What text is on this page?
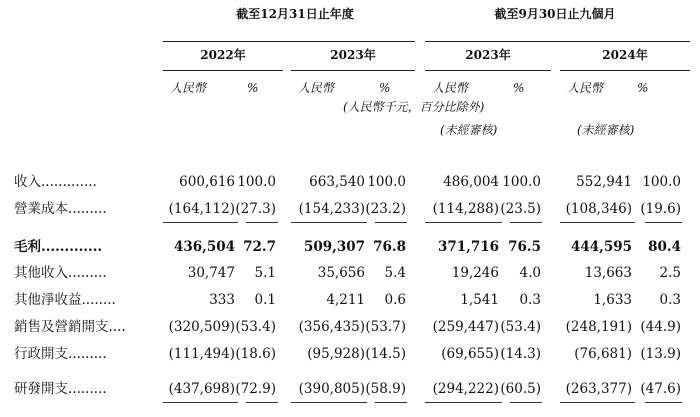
截至12月31日止年度	截至9月30日止九個月
2022年	2023年	2023年	2024年
人民幣	%	人民幣	%	人民幣	%	人民幣	%
(人民幣千元，百分比除外)
(未經審核)	(未經審核)
收入.............	600,616 100.0 663,540 100.0	486,004 100.0	552,941 100.0
營業成本.........	(164,112) (27.3) (154,233) (23.2) (114,288) (23.5) (108,346) (19.6)
毛利.............	436,504 72.7 509,307 76.8 371,716 76.5 444,595 80.4
其他收入.........	30,747 5.1	35,656 5.4	19,246 4.0	13,663 2.5
其他淨收益........	333 0.1	4,211 0.6	1,541 0.3	1,633 0.3
銷售及營銷開支....	(320,509) (53.4) (356,435) (53.7) (259,447) (53.4) (248,191) (44.9)
行政開支.........	(111,494) (18.6) (95,928) (14.5)	(69,655) (14.3) (76,681) (13.9)
研發開支.........	(437,698) (72.9) (390,805) (58.9) (294,222) (60.5) (263,377) (47.6)
